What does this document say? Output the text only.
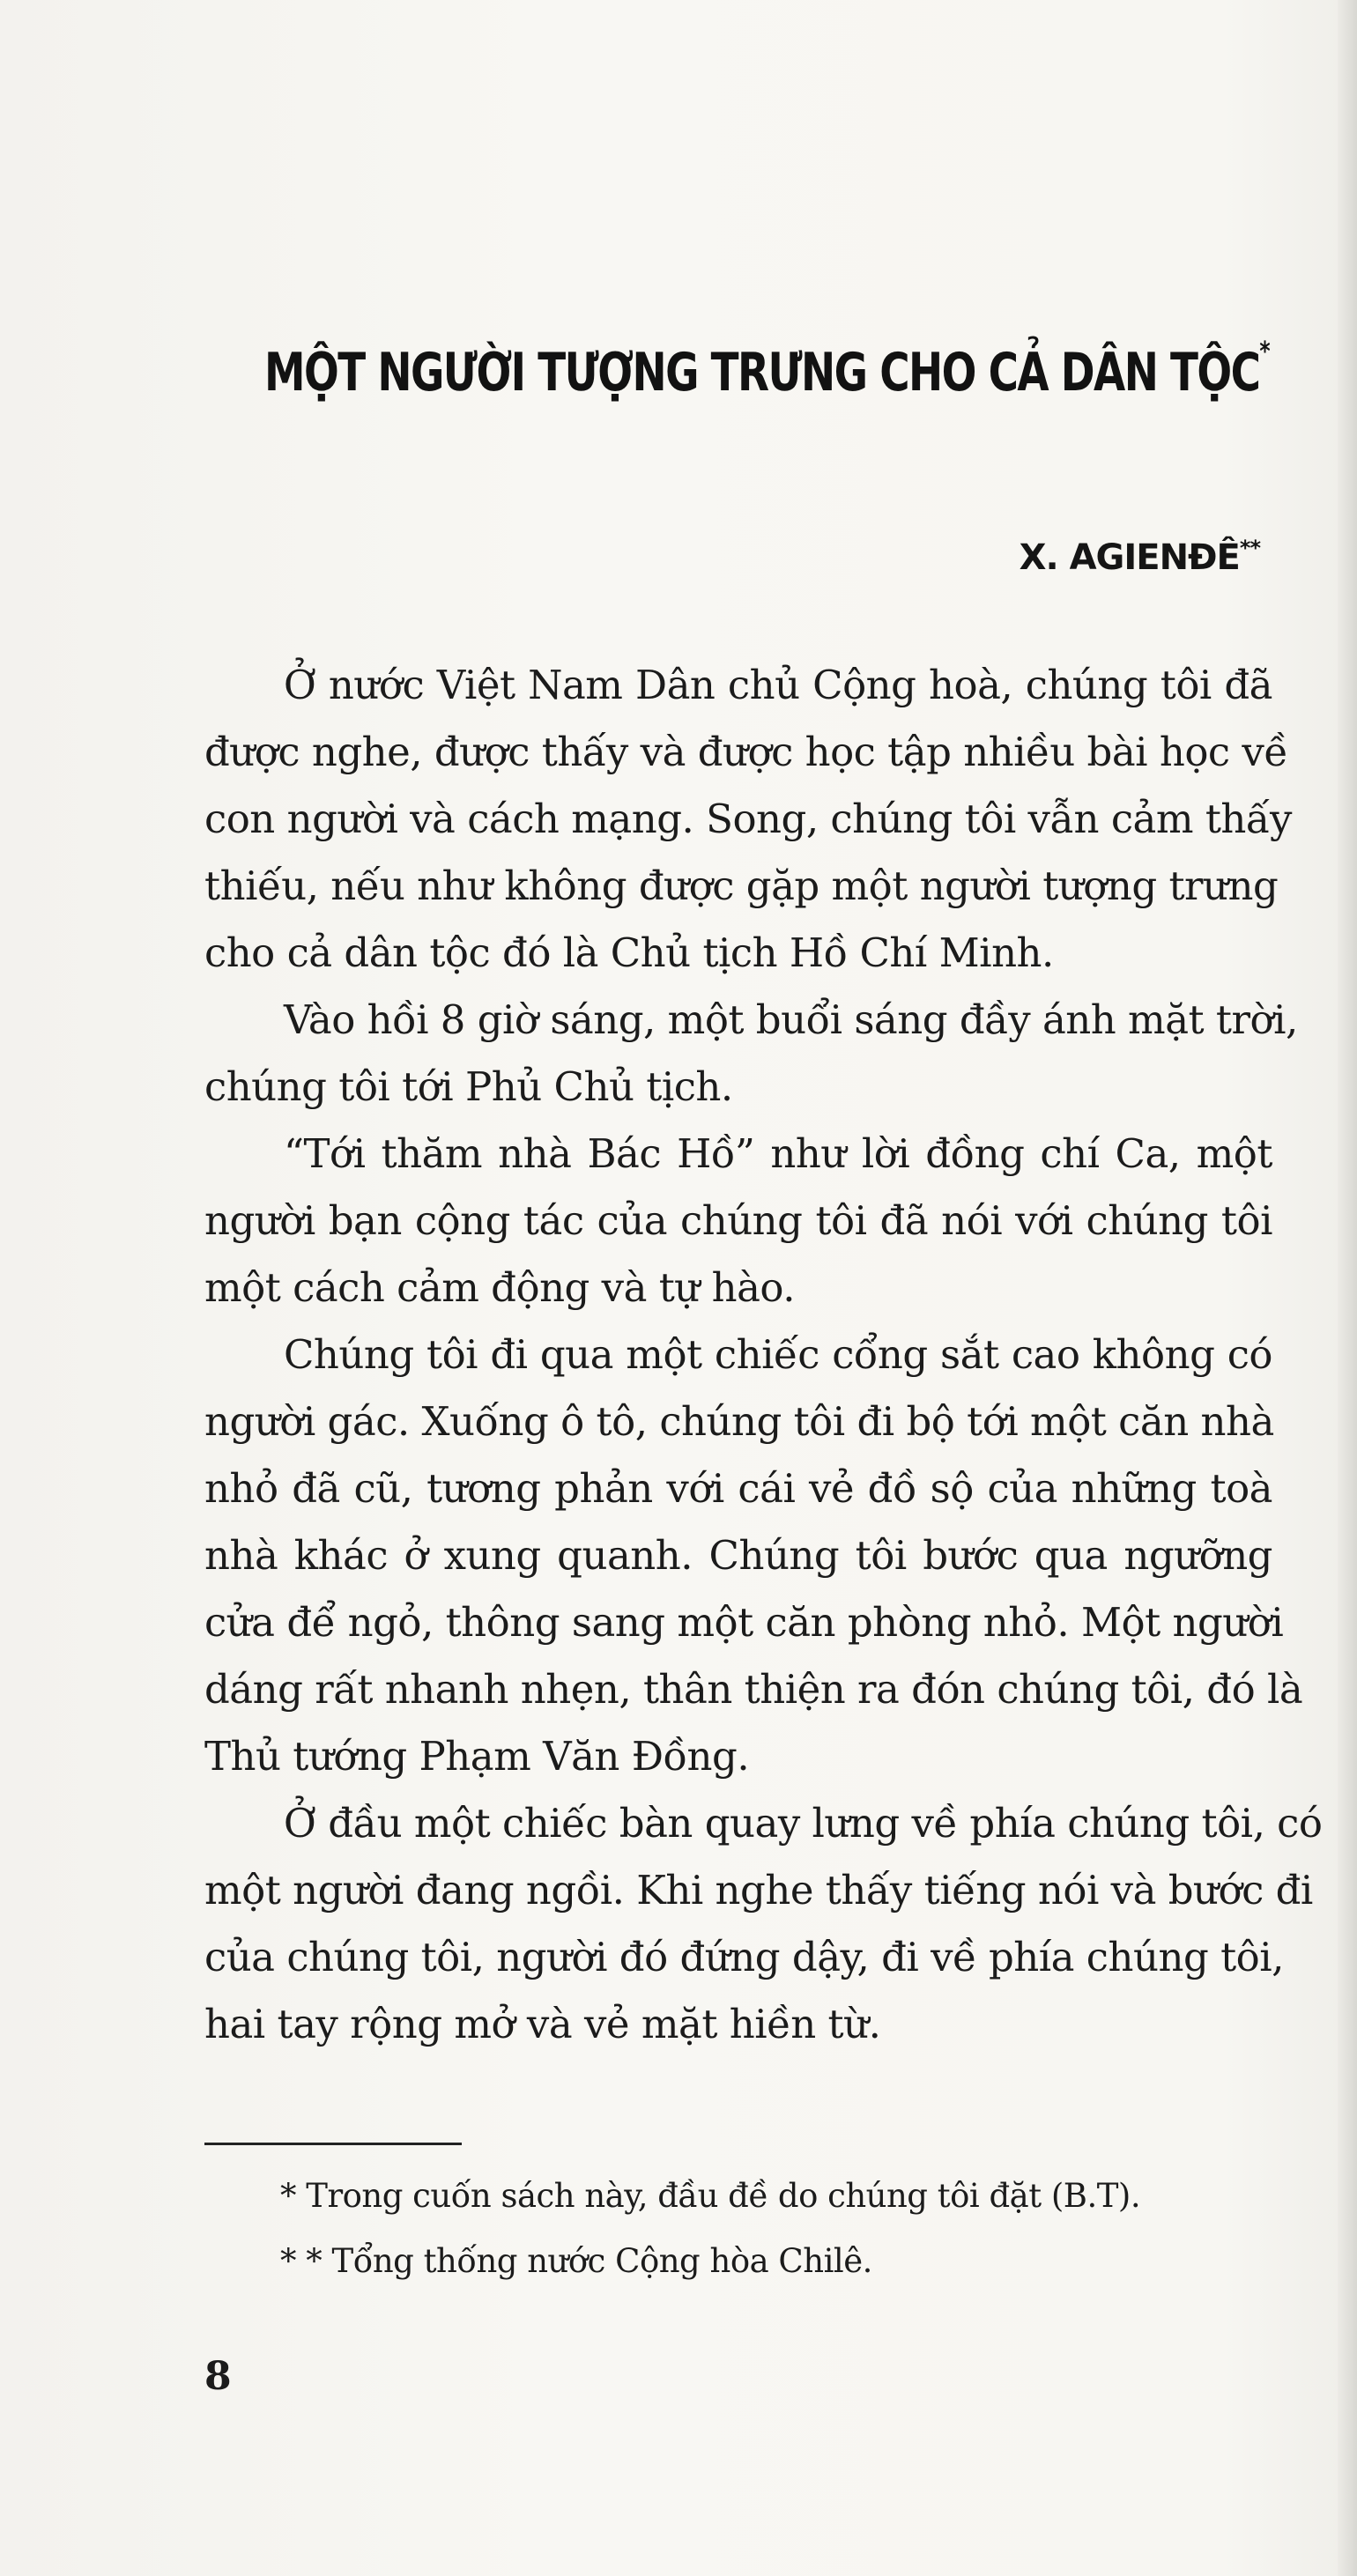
MỘT NGƯỜI TƯỢNG TRƯNG CHO CẢ DÂN TỘC*
X. AGIENĐÊ**
Ở nước Việt Nam Dân chủ Cộng hoà, chúng tôi đã
được nghe, được thấy và được học tập nhiều bài học về
con người và cách mạng. Song, chúng tôi vẫn cảm thấy
thiếu, nếu như không được gặp một người tượng trưng
cho cả dân tộc đó là Chủ tịch Hồ Chí Minh.
Vào hồi 8 giờ sáng, một buổi sáng đầy ánh mặt trời,
chúng tôi tới Phủ Chủ tịch.
“Tới thăm nhà Bác Hồ” như lời đồng chí Ca, một
người bạn cộng tác của chúng tôi đã nói với chúng tôi
một cách cảm động và tự hào.
Chúng tôi đi qua một chiếc cổng sắt cao không có
người gác. Xuống ô tô, chúng tôi đi bộ tới một căn nhà
nhỏ đã cũ, tương phản với cái vẻ đồ sộ của những toà
nhà khác ở xung quanh. Chúng tôi bước qua ngưỡng
cửa để ngỏ, thông sang một căn phòng nhỏ. Một người
dáng rất nhanh nhẹn, thân thiện ra đón chúng tôi, đó là
Thủ tướng Phạm Văn Đồng.
Ở đầu một chiếc bàn quay lưng về phía chúng tôi, có
một người đang ngồi. Khi nghe thấy tiếng nói và bước đi
của chúng tôi, người đó đứng dậy, đi về phía chúng tôi,
hai tay rộng mở và vẻ mặt hiền từ.
* Trong cuốn sách này, đầu đề do chúng tôi đặt (B.T).
* * Tổng thống nước Cộng hòa Chilê.
8
